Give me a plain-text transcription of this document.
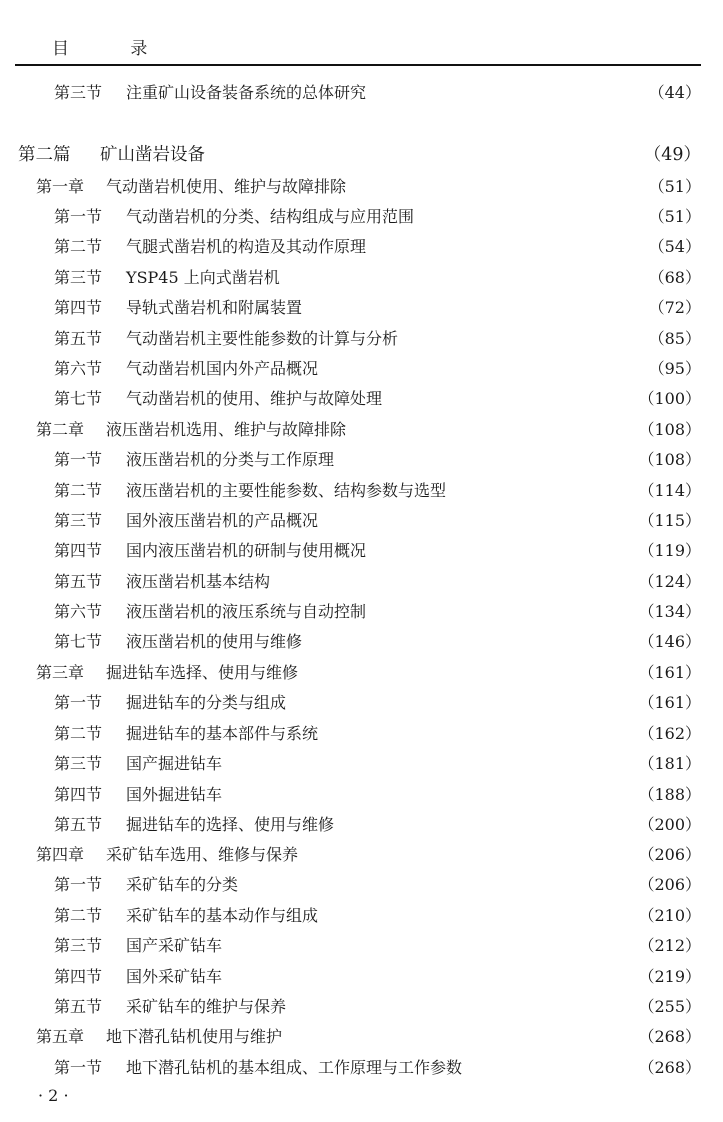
目 录
第三节	注重矿山设备装备系统的总体研究	（44）
第二篇	矿山凿岩设备	（49）
第一章	气动凿岩机使用、维护与故障排除	（51）
第一节	气动凿岩机的分类、结构组成与应用范围	（51）
第二节	气腿式凿岩机的构造及其动作原理	（54）
第三节	YSP45 上向式凿岩机	（68）
第四节	导轨式凿岩机和附属装置	（72）
第五节	气动凿岩机主要性能参数的计算与分析	（85）
第六节	气动凿岩机国内外产品概况	（95）
第七节	气动凿岩机的使用、维护与故障处理	（100）
第二章	液压凿岩机选用、维护与故障排除	（108）
第一节	液压凿岩机的分类与工作原理	（108）
第二节	液压凿岩机的主要性能参数、结构参数与选型	（114）
第三节	国外液压凿岩机的产品概况	（115）
第四节	国内液压凿岩机的研制与使用概况	（119）
第五节	液压凿岩机基本结构	（124）
第六节	液压凿岩机的液压系统与自动控制	（134）
第七节	液压凿岩机的使用与维修	（146）
第三章	掘进钻车选择、使用与维修	（161）
第一节	掘进钻车的分类与组成	（161）
第二节	掘进钻车的基本部件与系统	（162）
第三节	国产掘进钻车	（181）
第四节	国外掘进钻车	（188）
第五节	掘进钻车的选择、使用与维修	（200）
第四章	采矿钻车选用、维修与保养	（206）
第一节	采矿钻车的分类	（206）
第二节	采矿钻车的基本动作与组成	（210）
第三节	国产采矿钻车	（212）
第四节	国外采矿钻车	（219）
第五节	采矿钻车的维护与保养	（255）
第五章	地下潜孔钻机使用与维护	（268）
第一节	地下潜孔钻机的基本组成、工作原理与工作参数	（268）
· 2 ·
